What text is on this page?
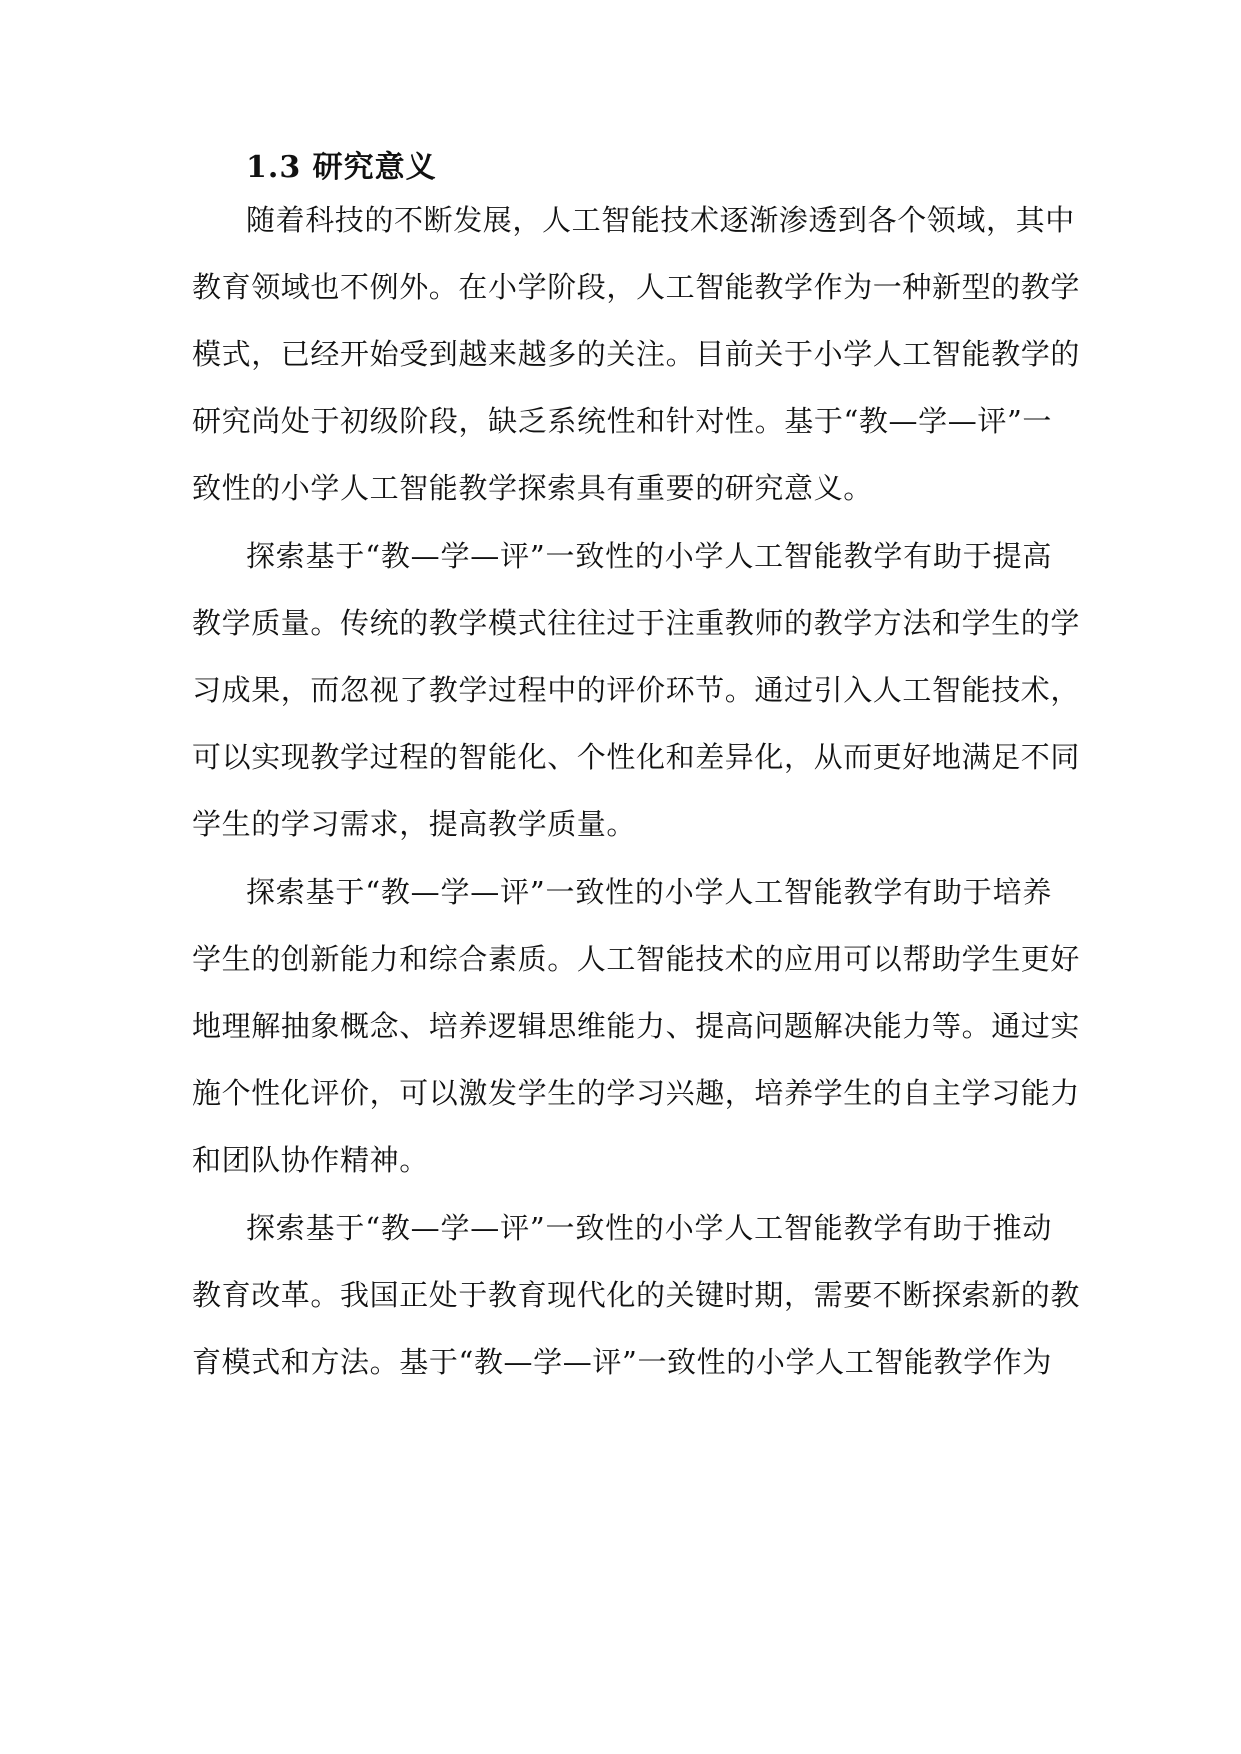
1.3 研究意义
随着科技的不断发展，人工智能技术逐渐渗透到各个领域，其中
教育领域也不例外。在小学阶段，人工智能教学作为一种新型的教学
模式，已经开始受到越来越多的关注。目前关于小学人工智能教学的
研究尚处于初级阶段，缺乏系统性和针对性。基于“教—学—评”一
致性的小学人工智能教学探索具有重要的研究意义。
探索基于“教—学—评”一致性的小学人工智能教学有助于提高
教学质量。传统的教学模式往往过于注重教师的教学方法和学生的学
习成果，而忽视了教学过程中的评价环节。通过引入人工智能技术，
可以实现教学过程的智能化、个性化和差异化，从而更好地满足不同
学生的学习需求，提高教学质量。
探索基于“教—学—评”一致性的小学人工智能教学有助于培养
学生的创新能力和综合素质。人工智能技术的应用可以帮助学生更好
地理解抽象概念、培养逻辑思维能力、提高问题解决能力等。通过实
施个性化评价，可以激发学生的学习兴趣，培养学生的自主学习能力
和团队协作精神。
探索基于“教—学—评”一致性的小学人工智能教学有助于推动
教育改革。我国正处于教育现代化的关键时期，需要不断探索新的教
育模式和方法。基于“教—学—评”一致性的小学人工智能教学作为
